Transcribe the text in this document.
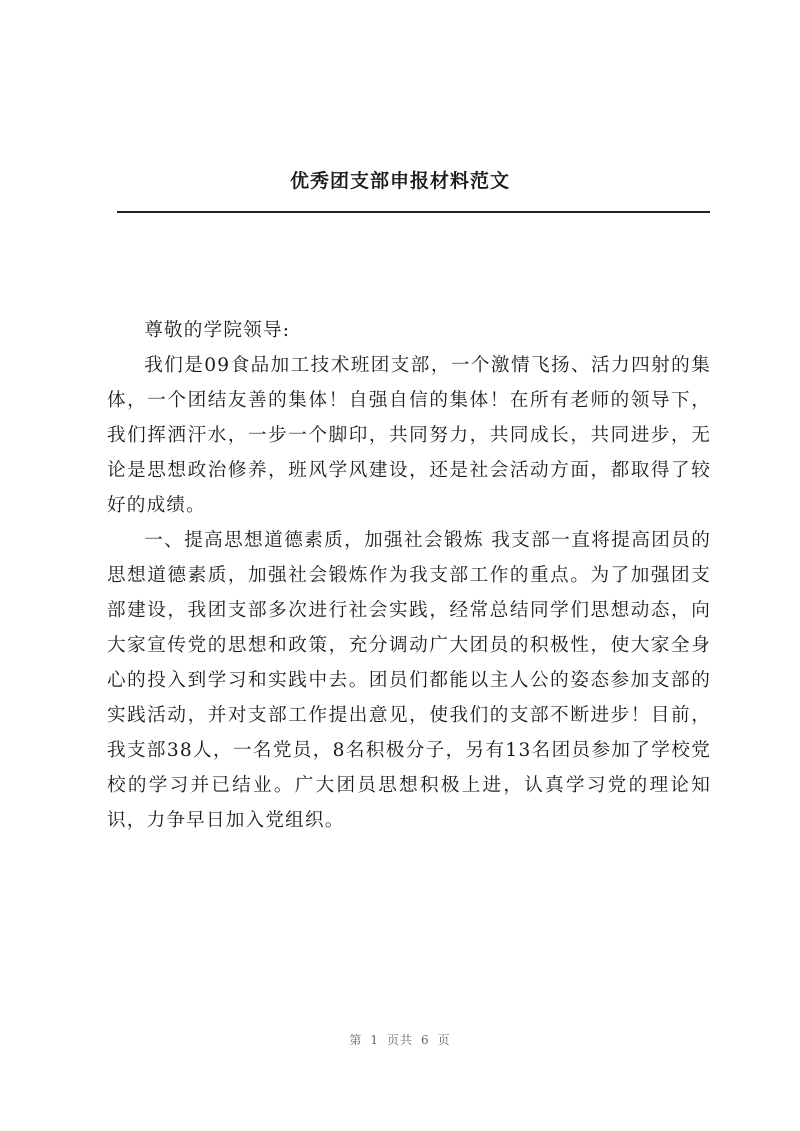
优秀团支部申报材料范文

尊敬的学院领导:

我们是09食品加工技术班团支部，一个激情飞扬、活力四射的集体，一个团结友善的集体！自强自信的集体！在所有老师的领导下，我们挥洒汗水，一步一个脚印，共同努力，共同成长，共同进步，无论是思想政治修养，班风学风建设，还是社会活动方面，都取得了较好的成绩。

一、提高思想道德素质，加强社会锻炼 我支部一直将提高团员的思想道德素质，加强社会锻炼作为我支部工作的重点。为了加强团支部建设，我团支部多次进行社会实践，经常总结同学们思想动态，向大家宣传党的思想和政策，充分调动广大团员的积极性，使大家全身心的投入到学习和实践中去。团员们都能以主人公的姿态参加支部的实践活动，并对支部工作提出意见，使我们的支部不断进步！目前，我支部38人，一名党员，8名积极分子，另有13名团员参加了学校党校的学习并已结业。广大团员思想积极上进，认真学习党的理论知识，力争早日加入党组织。

第 1 页共 6 页
